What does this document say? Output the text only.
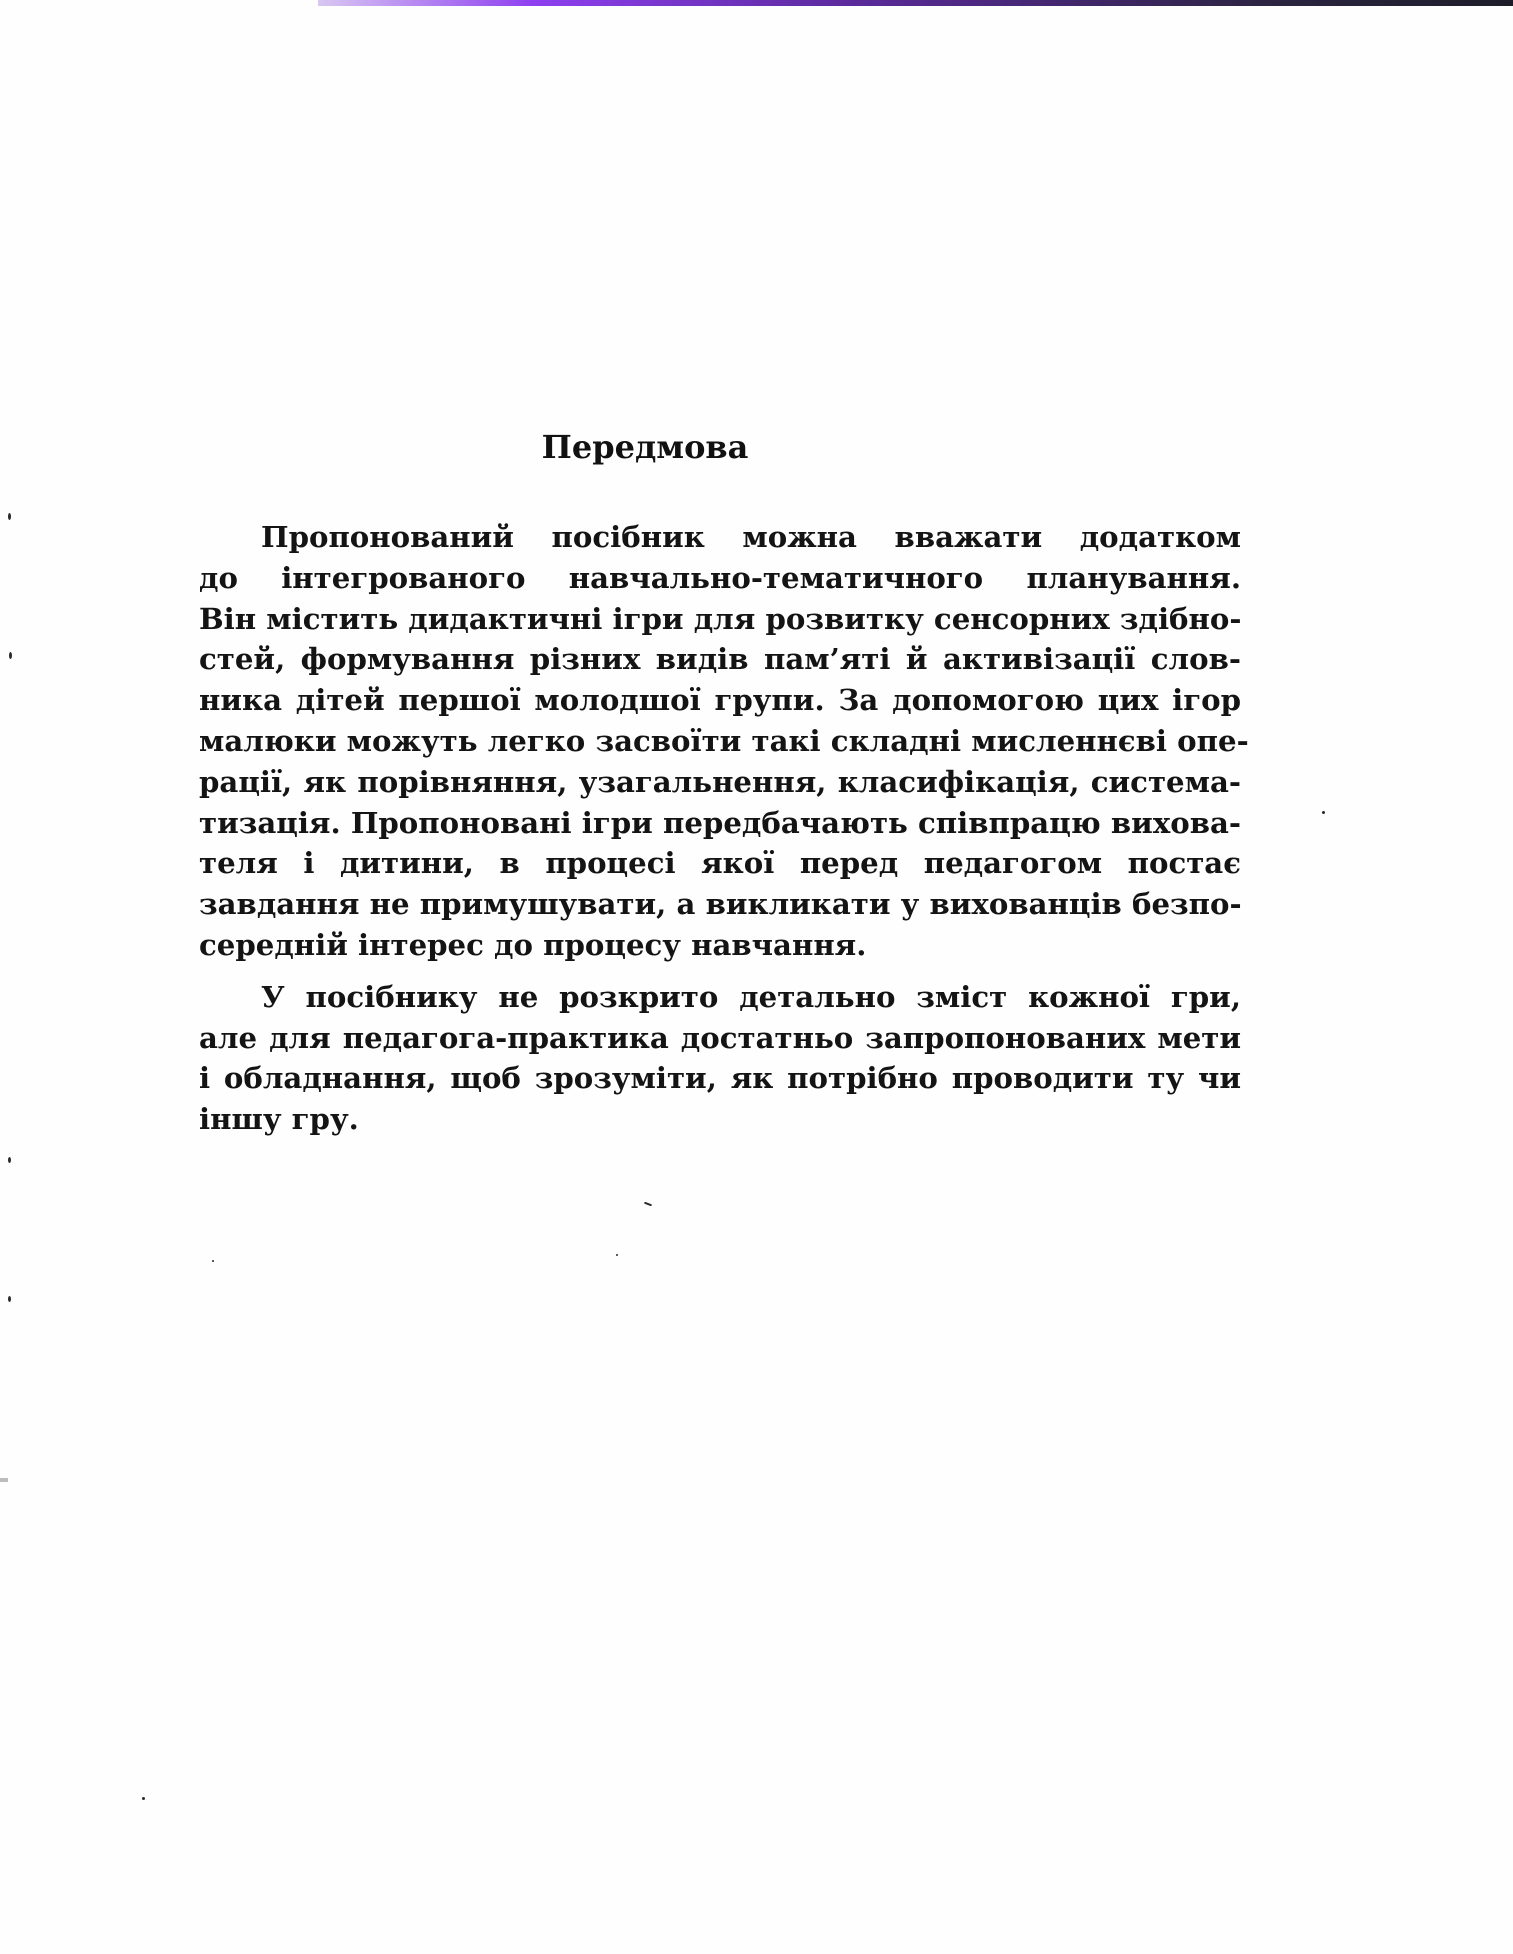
Передмова
Пропонований посібник можна вважати додатком
до інтегрованого навчально-тематичного планування.
Він містить дидактичні ігри для розвитку сенсорних здібно-
стей, формування різних видів пам’яті й активізації слов-
ника дітей першої молодшої групи. За допомогою цих ігор
малюки можуть легко засвоїти такі складні мисленнєві опе-
рації, як порівняння, узагальнення, класифікація, система-
тизація. Пропоновані ігри передбачають співпрацю вихова-
теля і дитини, в процесі якої перед педагогом постає
завдання не примушувати, а викликати у вихованців безпо-
середній інтерес до процесу навчання.
У посібнику не розкрито детально зміст кожної гри,
але для педагога-практика достатньо запропонованих мети
і обладнання, щоб зрозуміти, як потрібно проводити ту чи
іншу гру.
